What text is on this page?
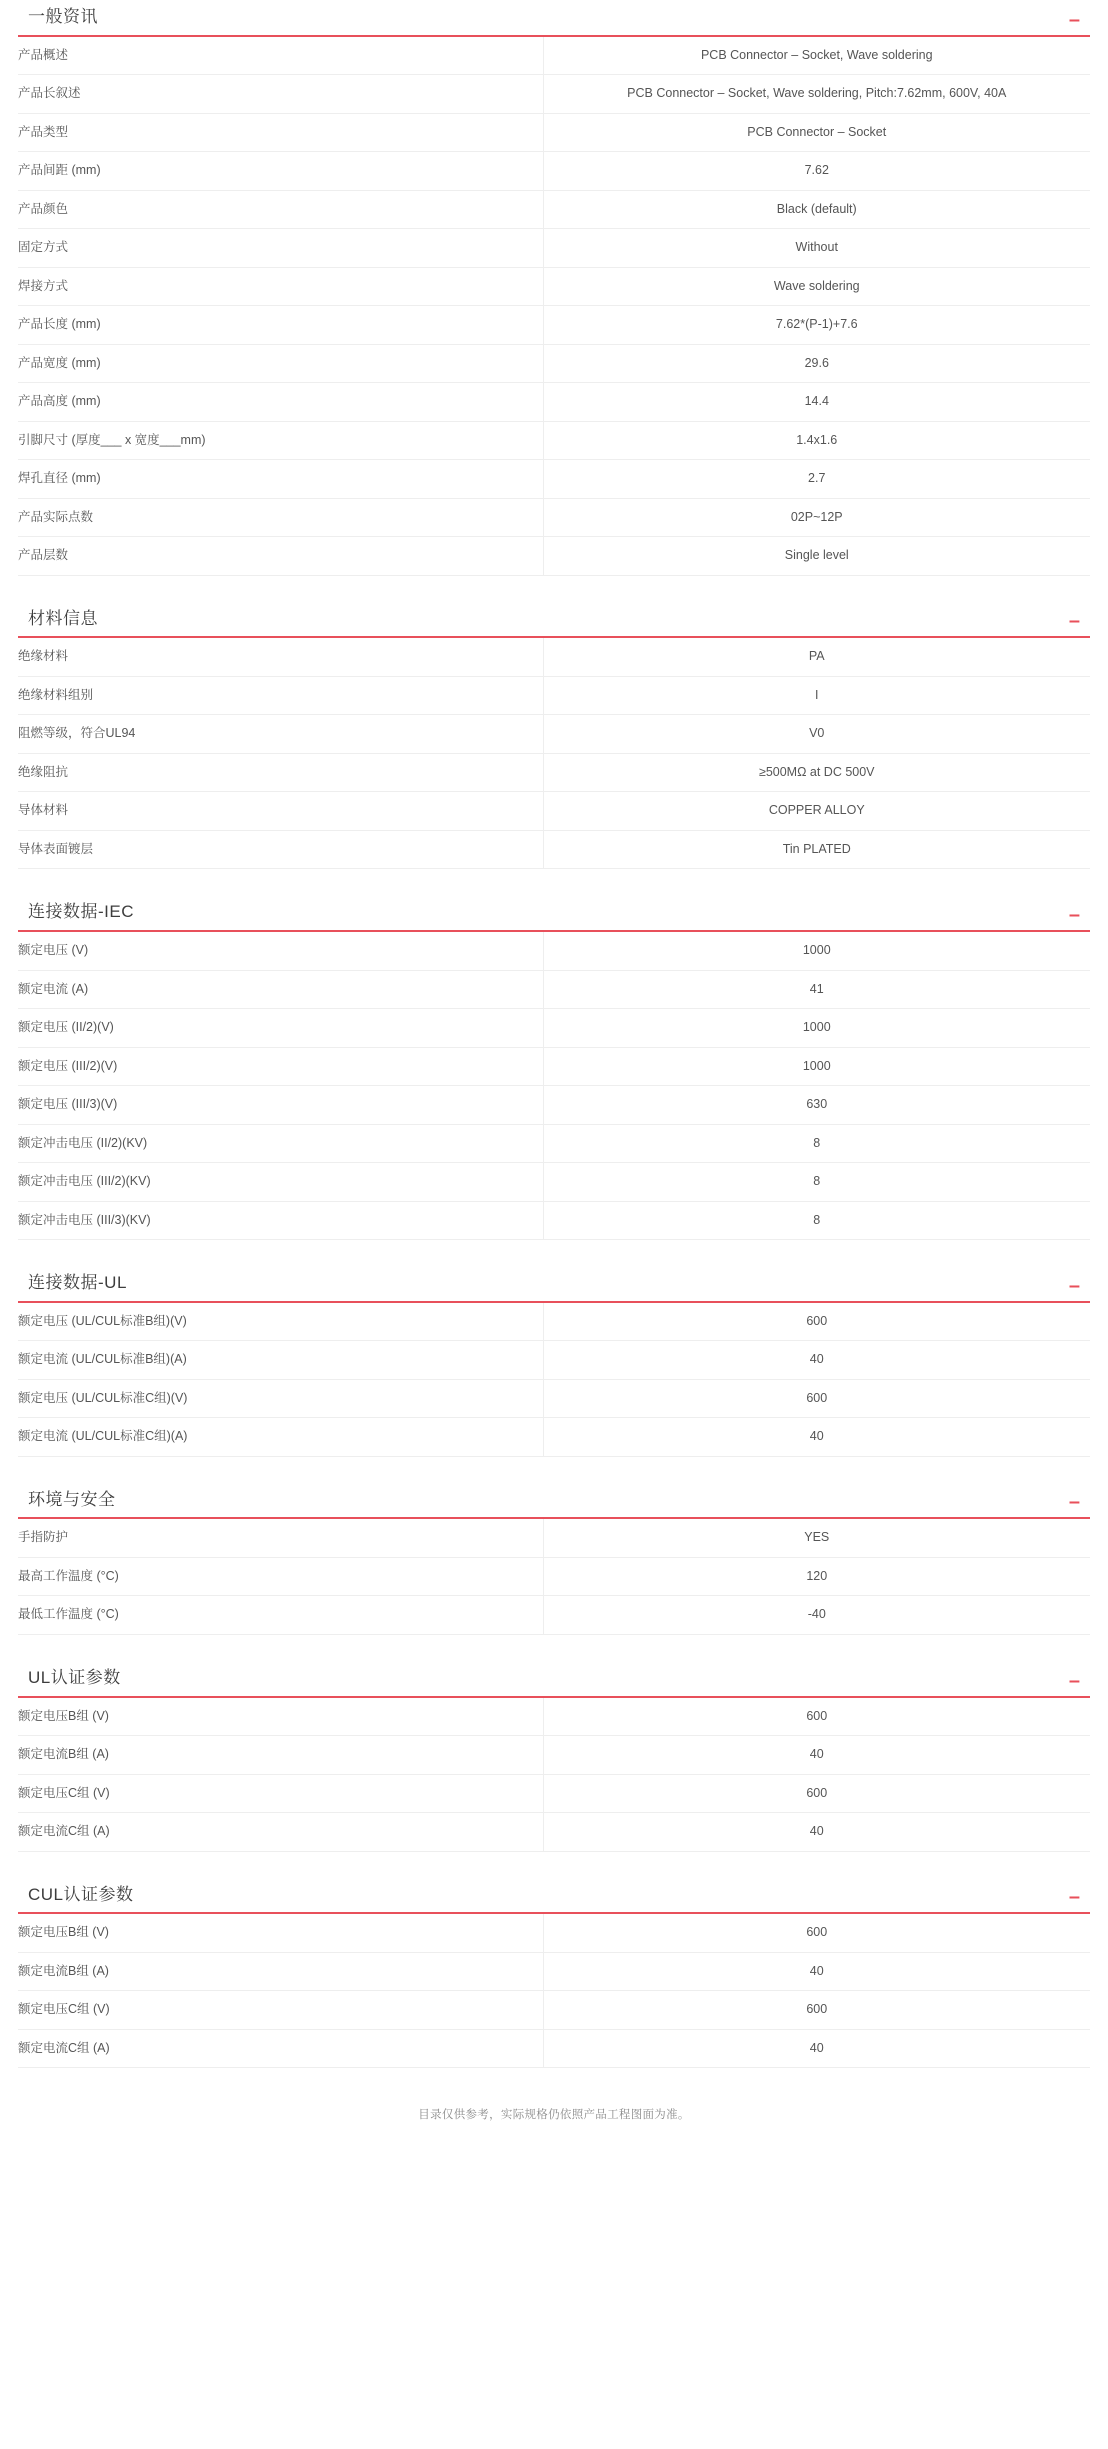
一般资讯	–
产品概述	PCB Connector – Socket, Wave soldering
产品长叙述	PCB Connector – Socket, Wave soldering, Pitch:7.62mm, 600V, 40A
产品类型	PCB Connector – Socket
产品间距 (mm)	7.62
产品颜色	Black (default)
固定方式	Without
焊接方式	Wave soldering
产品长度 (mm)	7.62*(P-1)+7.6
产品宽度 (mm)	29.6
产品高度 (mm)	14.4
引脚尺寸 (厚度___ x 宽度___mm)	1.4x1.6
焊孔直径 (mm)	2.7
产品实际点数	02P~12P
产品层数	Single level
材料信息	–
绝缘材料	PA
绝缘材料组别	I
阻燃等级，符合UL94	V0
绝缘阻抗	≥500MΩ at DC 500V
导体材料	COPPER ALLOY
导体表面镀层	Tin PLATED
连接数据-IEC	–
额定电压 (V)	1000
额定电流 (A)	41
额定电压 (II/2)(V)	1000
额定电压 (III/2)(V)	1000
额定电压 (III/3)(V)	630
额定冲击电压 (II/2)(KV)	8
额定冲击电压 (III/2)(KV)	8
额定冲击电压 (III/3)(KV)	8
连接数据-UL	–
额定电压 (UL/CUL标准B组)(V)	600
额定电流 (UL/CUL标准B组)(A)	40
额定电压 (UL/CUL标准C组)(V)	600
额定电流 (UL/CUL标准C组)(A)	40
环境与安全	–
手指防护	YES
最高工作温度 (°C)	120
最低工作温度 (°C)	-40
UL认证参数	–
额定电压B组 (V)	600
额定电流B组 (A)	40
额定电压C组 (V)	600
额定电流C组 (A)	40
CUL认证参数	–
额定电压B组 (V)	600
额定电流B组 (A)	40
额定电压C组 (V)	600
额定电流C组 (A)	40
目录仅供参考，实际规格仍依照产品工程图面为准。
